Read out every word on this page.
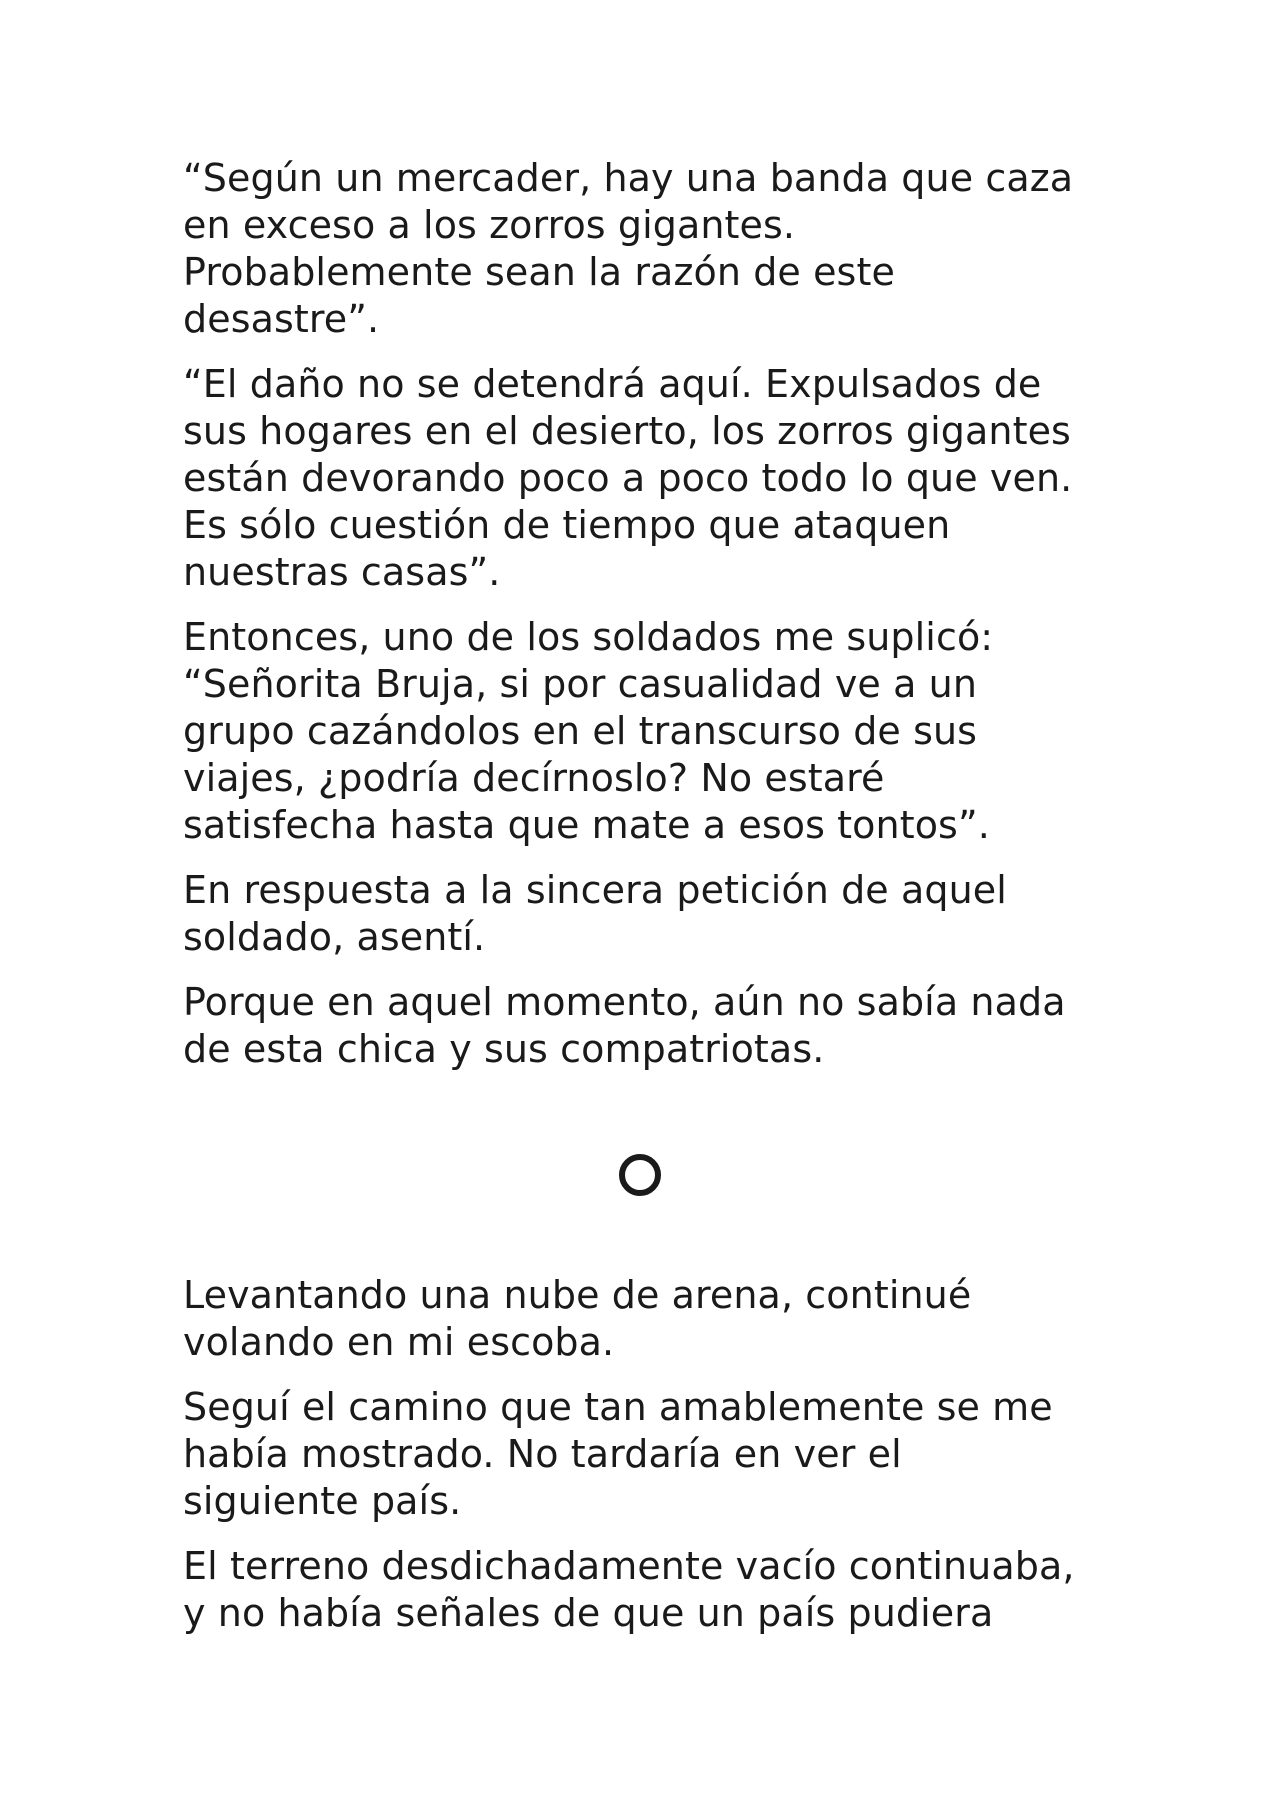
“Según un mercader, hay una banda que caza
en exceso a los zorros gigantes.
Probablemente sean la razón de este
desastre”.

“El daño no se detendrá aquí. Expulsados de
sus hogares en el desierto, los zorros gigantes
están devorando poco a poco todo lo que ven.
Es sólo cuestión de tiempo que ataquen
nuestras casas”.

Entonces, uno de los soldados me suplicó:
“Señorita Bruja, si por casualidad ve a un
grupo cazándolos en el transcurso de sus
viajes, ¿podría decírnoslo? No estaré
satisfecha hasta que mate a esos tontos”.

En respuesta a la sincera petición de aquel
soldado, asentí.

Porque en aquel momento, aún no sabía nada
de esta chica y sus compatriotas.

Levantando una nube de arena, continué
volando en mi escoba.

Seguí el camino que tan amablemente se me
había mostrado. No tardaría en ver el
siguiente país.

El terreno desdichadamente vacío continuaba,
y no había señales de que un país pudiera
